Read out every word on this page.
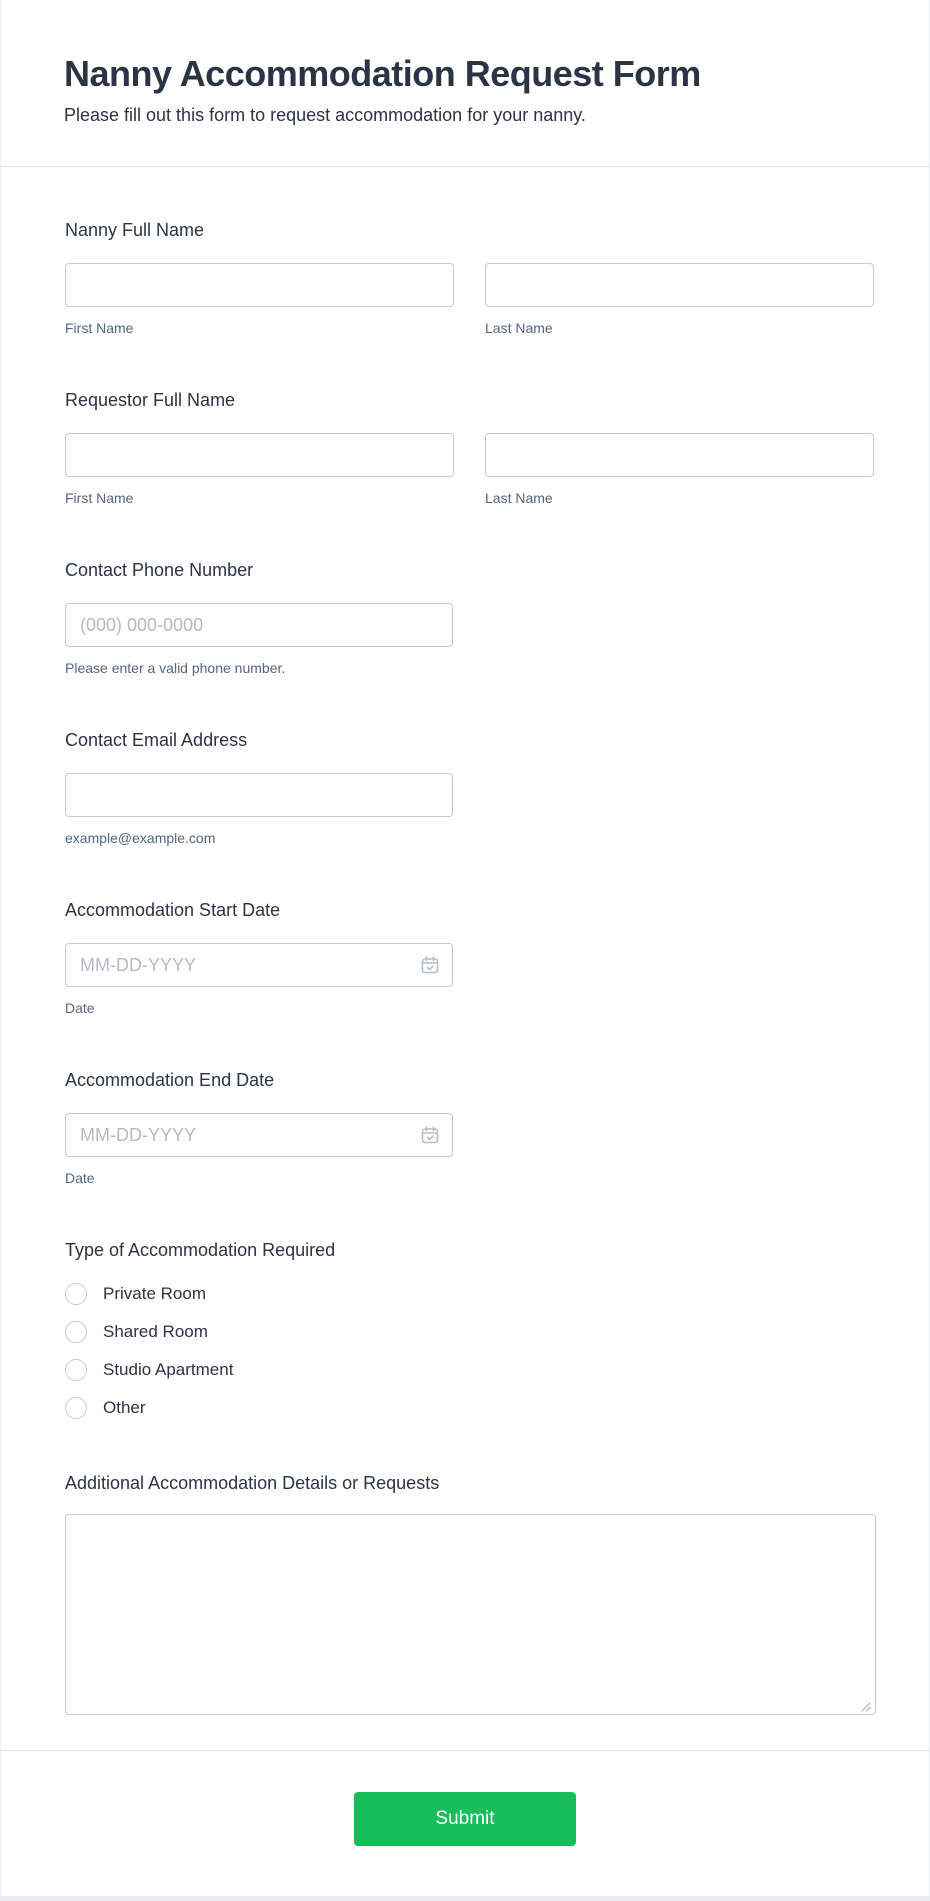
Nanny Accommodation Request Form
Please fill out this form to request accommodation for your nanny.
Nanny Full Name
First Name	Last Name
Requestor Full Name
First Name	Last Name
Contact Phone Number
(000) 000-0000
Please enter a valid phone number.
Contact Email Address
example@example.com
Accommodation Start Date
MM-DD-YYYY
Date
Accommodation End Date
MM-DD-YYYY
Date
Type of Accommodation Required
Private Room
Shared Room
Studio Apartment
Other
Additional Accommodation Details or Requests
Submit
